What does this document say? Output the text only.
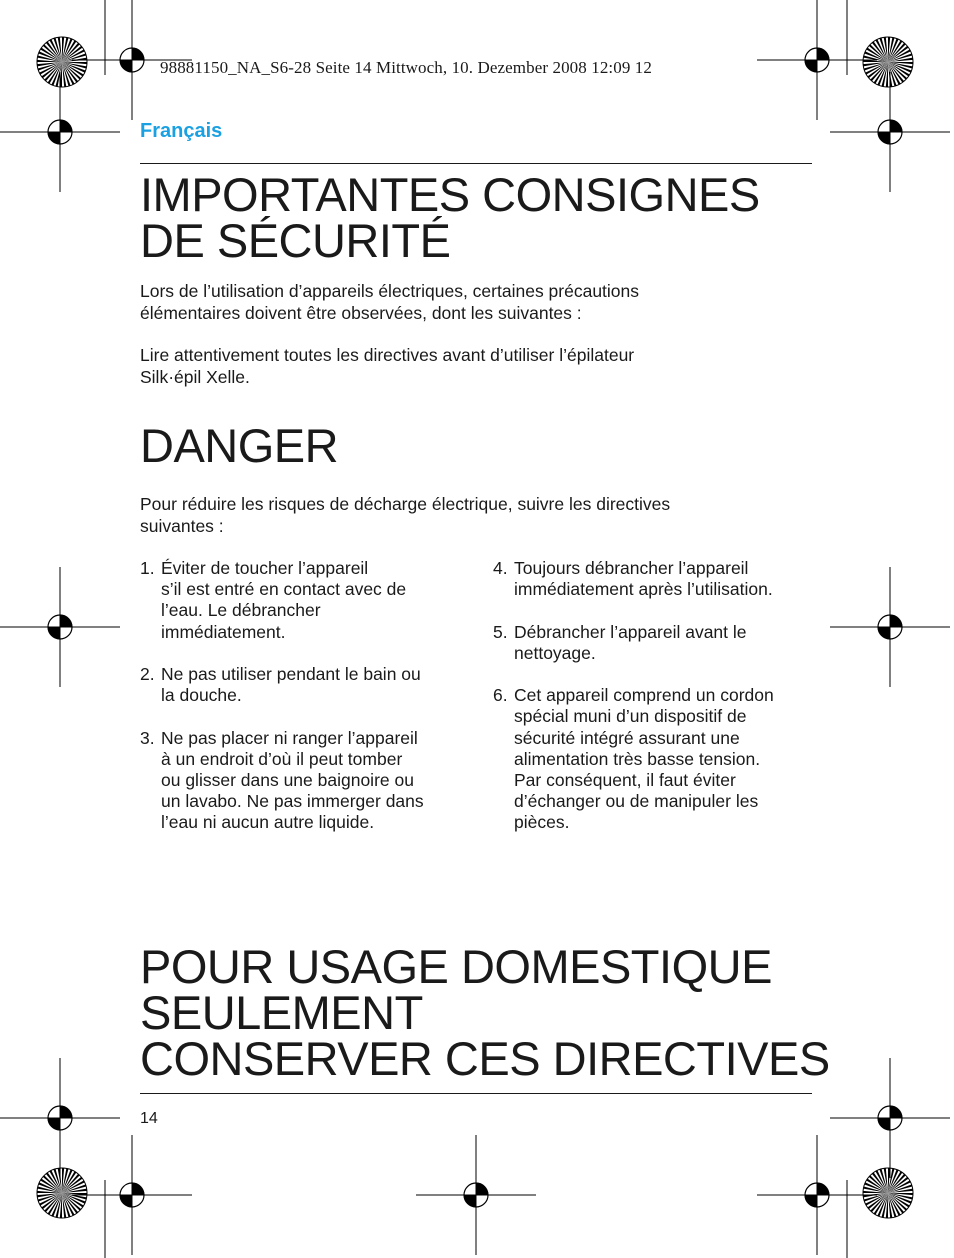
98881150_NA_S6-28 Seite 14 Mittwoch, 10. Dezember 2008 12:09 12
Français
IMPORTANTES CONSIGNES
DE SÉCURITÉ

Lors de l’utilisation d’appareils électriques, certaines précautions
élémentaires doivent être observées, dont les suivantes :

Lire attentivement toutes les directives avant d’utiliser l’épilateur
Silk·épil Xelle.

DANGER

Pour réduire les risques de décharge électrique, suivre les directives
suivantes :

1. Éviter de toucher l’appareil
s’il est entré en contact avec de
l’eau. Le débrancher
immédiatement.
2. Ne pas utiliser pendant le bain ou
la douche.
3. Ne pas placer ni ranger l’appareil
à un endroit d’où il peut tomber
ou glisser dans une baignoire ou
un lavabo. Ne pas immerger dans
l’eau ni aucun autre liquide.
4. Toujours débrancher l’appareil
immédiatement après l’utilisation.
5. Débrancher l’appareil avant le
nettoyage.
6. Cet appareil comprend un cordon
spécial muni d’un dispositif de
sécurité intégré assurant une
alimentation très basse tension.
Par conséquent, il faut éviter
d’échanger ou de manipuler les
pièces.
POUR USAGE DOMESTIQUE
SEULEMENT
CONSERVER CES DIRECTIVES
14
